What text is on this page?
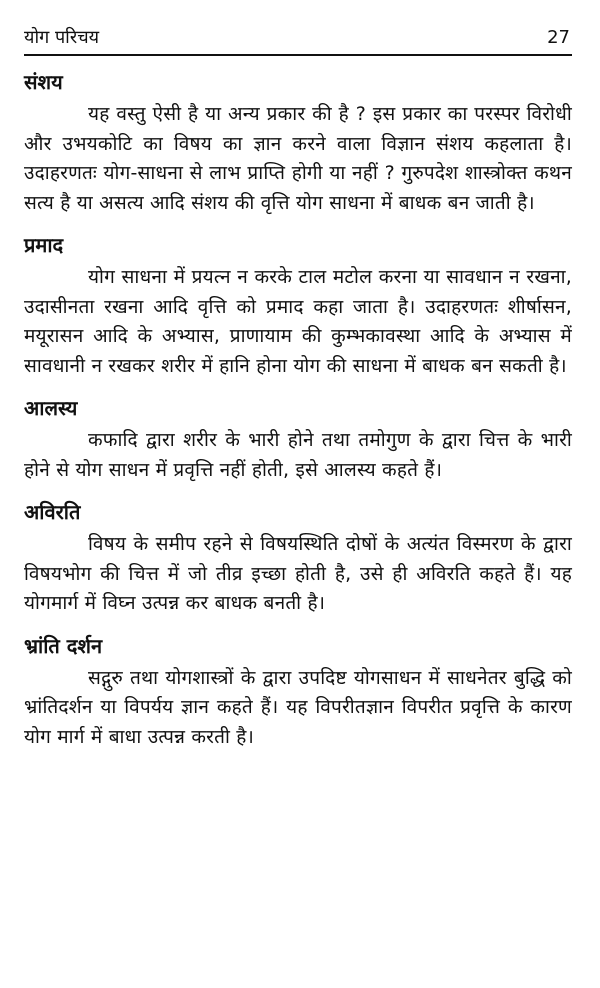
योग परिचय	27
संशय

यह वस्तु ऐसी है या अन्य प्रकार की है ? इस प्रकार का परस्पर विरोधी और उभयकोटि का विषय का ज्ञान करने वाला विज्ञान संशय कहलाता है। उदाहरणतः योग-साधना से लाभ प्राप्ति होगी या नहीं ? गुरुपदेश शास्त्रोक्त कथन सत्य है या असत्य आदि संशय की वृत्ति योग साधना में बाधक बन जाती है।

प्रमाद

योग साधना में प्रयत्न न करके टाल मटोल करना या सावधान न रखना, उदासीनता रखना आदि वृत्ति को प्रमाद कहा जाता है। उदाहरणतः शीर्षासन, मयूरासन आदि के अभ्यास, प्राणायाम की कुम्भकावस्था आदि के अभ्यास में सावधानी न रखकर शरीर में हानि होना योग की साधना में बाधक बन सकती है।

आलस्य

कफादि द्वारा शरीर के भारी होने तथा तमोगुण के द्वारा चित्त के भारी होने से योग साधन में प्रवृत्ति नहीं होती, इसे आलस्य कहते हैं।

अविरति

विषय के समीप रहने से विषयस्थिति दोषों के अत्यंत विस्मरण के द्वारा विषयभोग की चित्त में जो तीव्र इच्छा होती है, उसे ही अविरति कहते हैं। यह योगमार्ग में विघ्न उत्पन्न कर बाधक बनती है।

भ्रांति दर्शन

सद्गुरु तथा योगशास्त्रों के द्वारा उपदिष्ट योगसाधन में साधनेतर बुद्धि को भ्रांतिदर्शन या विपर्यय ज्ञान कहते हैं। यह विपरीतज्ञान विपरीत प्रवृत्ति के कारण योग मार्ग में बाधा उत्पन्न करती है।
